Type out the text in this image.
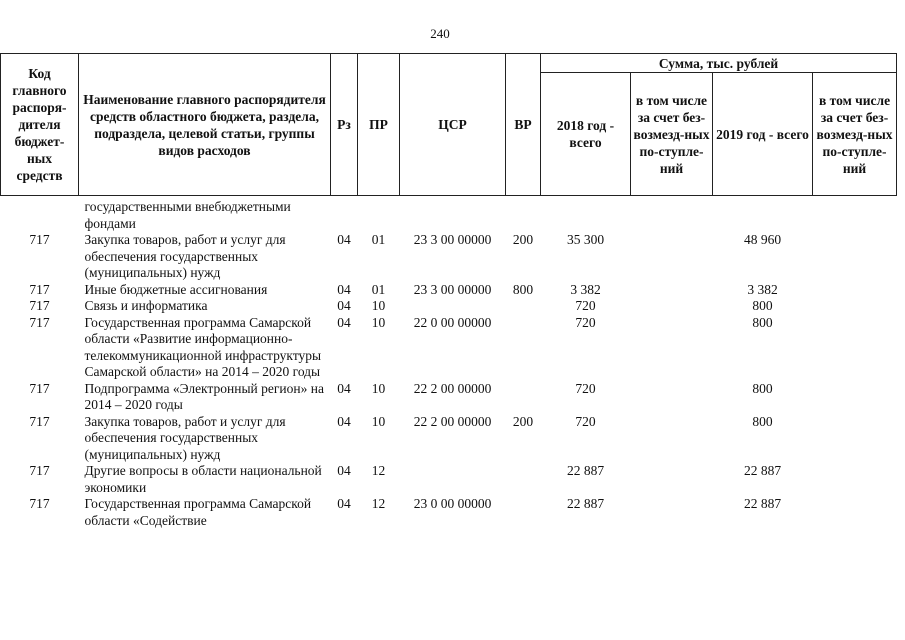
240
Код главного распоря-дителя бюджет-ных средств	Наименование главного распорядителя средств областного бюджета, раздела, подраздела, целевой статьи, группы видов расходов	Рз	ПР	ЦСР	ВР	Сумма, тыс. рублей			
						2018 год - всего	в том числе за счет без-возмезд-ных по-ступле-ний	2019 год - всего	в том числе за счет без-возмезд-ных по-ступле-ний
	государственными внебюджетными фондами								
717	Закупка товаров, работ и услуг для обеспечения государственных (муниципальных) нужд	04	01	23 3 00 00000	200	35 300		48 960	
717	Иные бюджетные ассигнования	04	01	23 3 00 00000	800	3 382		3 382	
717	Связь и информатика	04	10			720		800	
717	Государственная программа Самарской области «Развитие информационно-телекоммуникационной инфраструктуры Самарской области» на 2014 – 2020 годы	04	10	22 0 00 00000		720		800	
717	Подпрограмма «Электронный регион» на 2014 – 2020 годы	04	10	22 2 00 00000		720		800	
717	Закупка товаров, работ и услуг для обеспечения государственных (муниципальных) нужд	04	10	22 2 00 00000	200	720		800	
717	Другие вопросы в области национальной экономики	04	12			22 887		22 887	
717	Государственная программа Самарской области «Содействие	04	12	23 0 00 00000		22 887		22 887	
